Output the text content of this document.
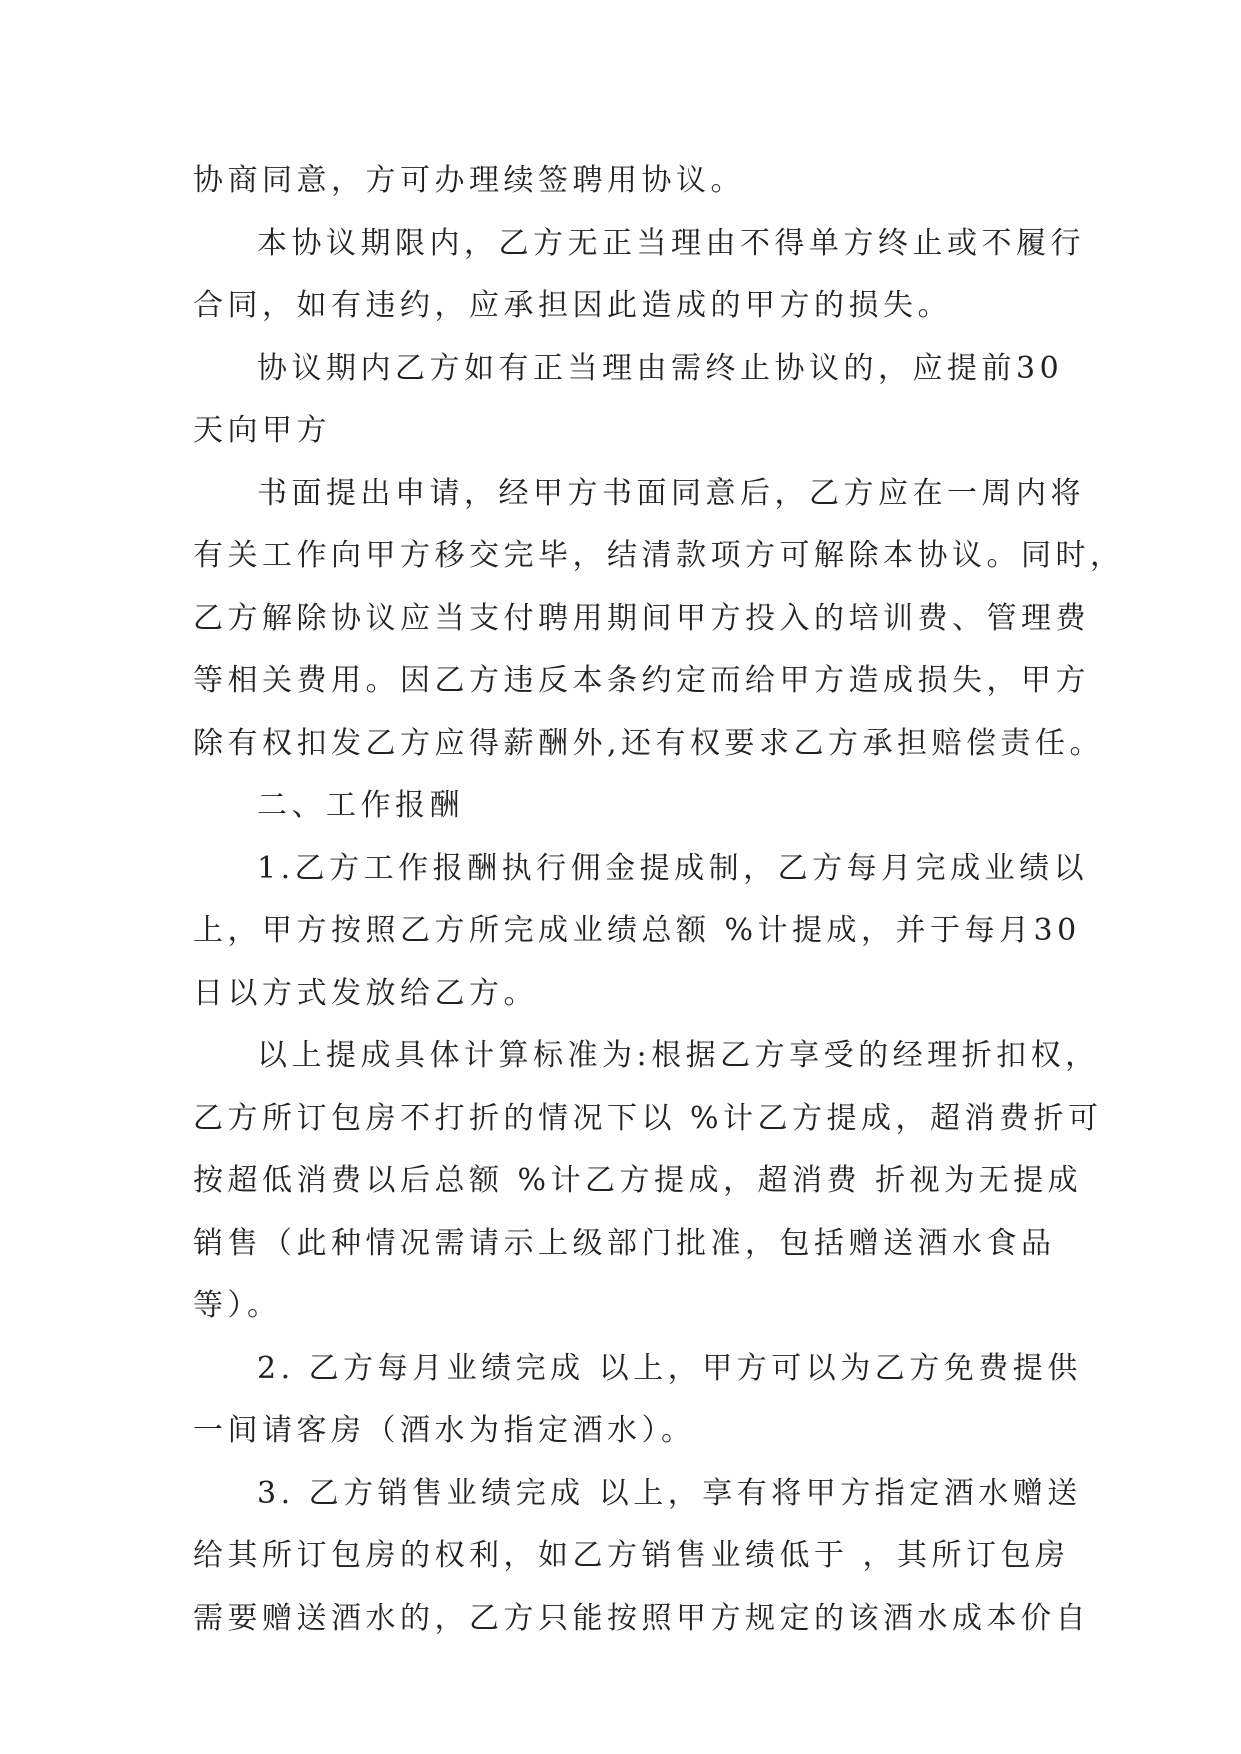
协商同意，方可办理续签聘用协议。
本协议期限内，乙方无正当理由不得单方终止或不履行
合同，如有违约，应承担因此造成的甲方的损失。
协议期内乙方如有正当理由需终止协议的，应提前30
天向甲方
书面提出申请，经甲方书面同意后，乙方应在一周内将
有关工作向甲方移交完毕，结清款项方可解除本协议。同时，
乙方解除协议应当支付聘用期间甲方投入的培训费、管理费
等相关费用。因乙方违反本条约定而给甲方造成损失，甲方
除有权扣发乙方应得薪酬外,还有权要求乙方承担赔偿责任。
二、工作报酬
1.乙方工作报酬执行佣金提成制，乙方每月完成业绩以
上，甲方按照乙方所完成业绩总额 %计提成，并于每月30
日以方式发放给乙方。
以上提成具体计算标准为:根据乙方享受的经理折扣权，
乙方所订包房不打折的情况下以 %计乙方提成，超消费折可
按超低消费以后总额 %计乙方提成，超消费 折视为无提成
销售（此种情况需请示上级部门批准，包括赠送酒水食品
等）。
2. 乙方每月业绩完成 以上，甲方可以为乙方免费提供
一间请客房（酒水为指定酒水）。
3. 乙方销售业绩完成 以上，享有将甲方指定酒水赠送
给其所订包房的权利，如乙方销售业绩低于 ，其所订包房
需要赠送酒水的，乙方只能按照甲方规定的该酒水成本价自
